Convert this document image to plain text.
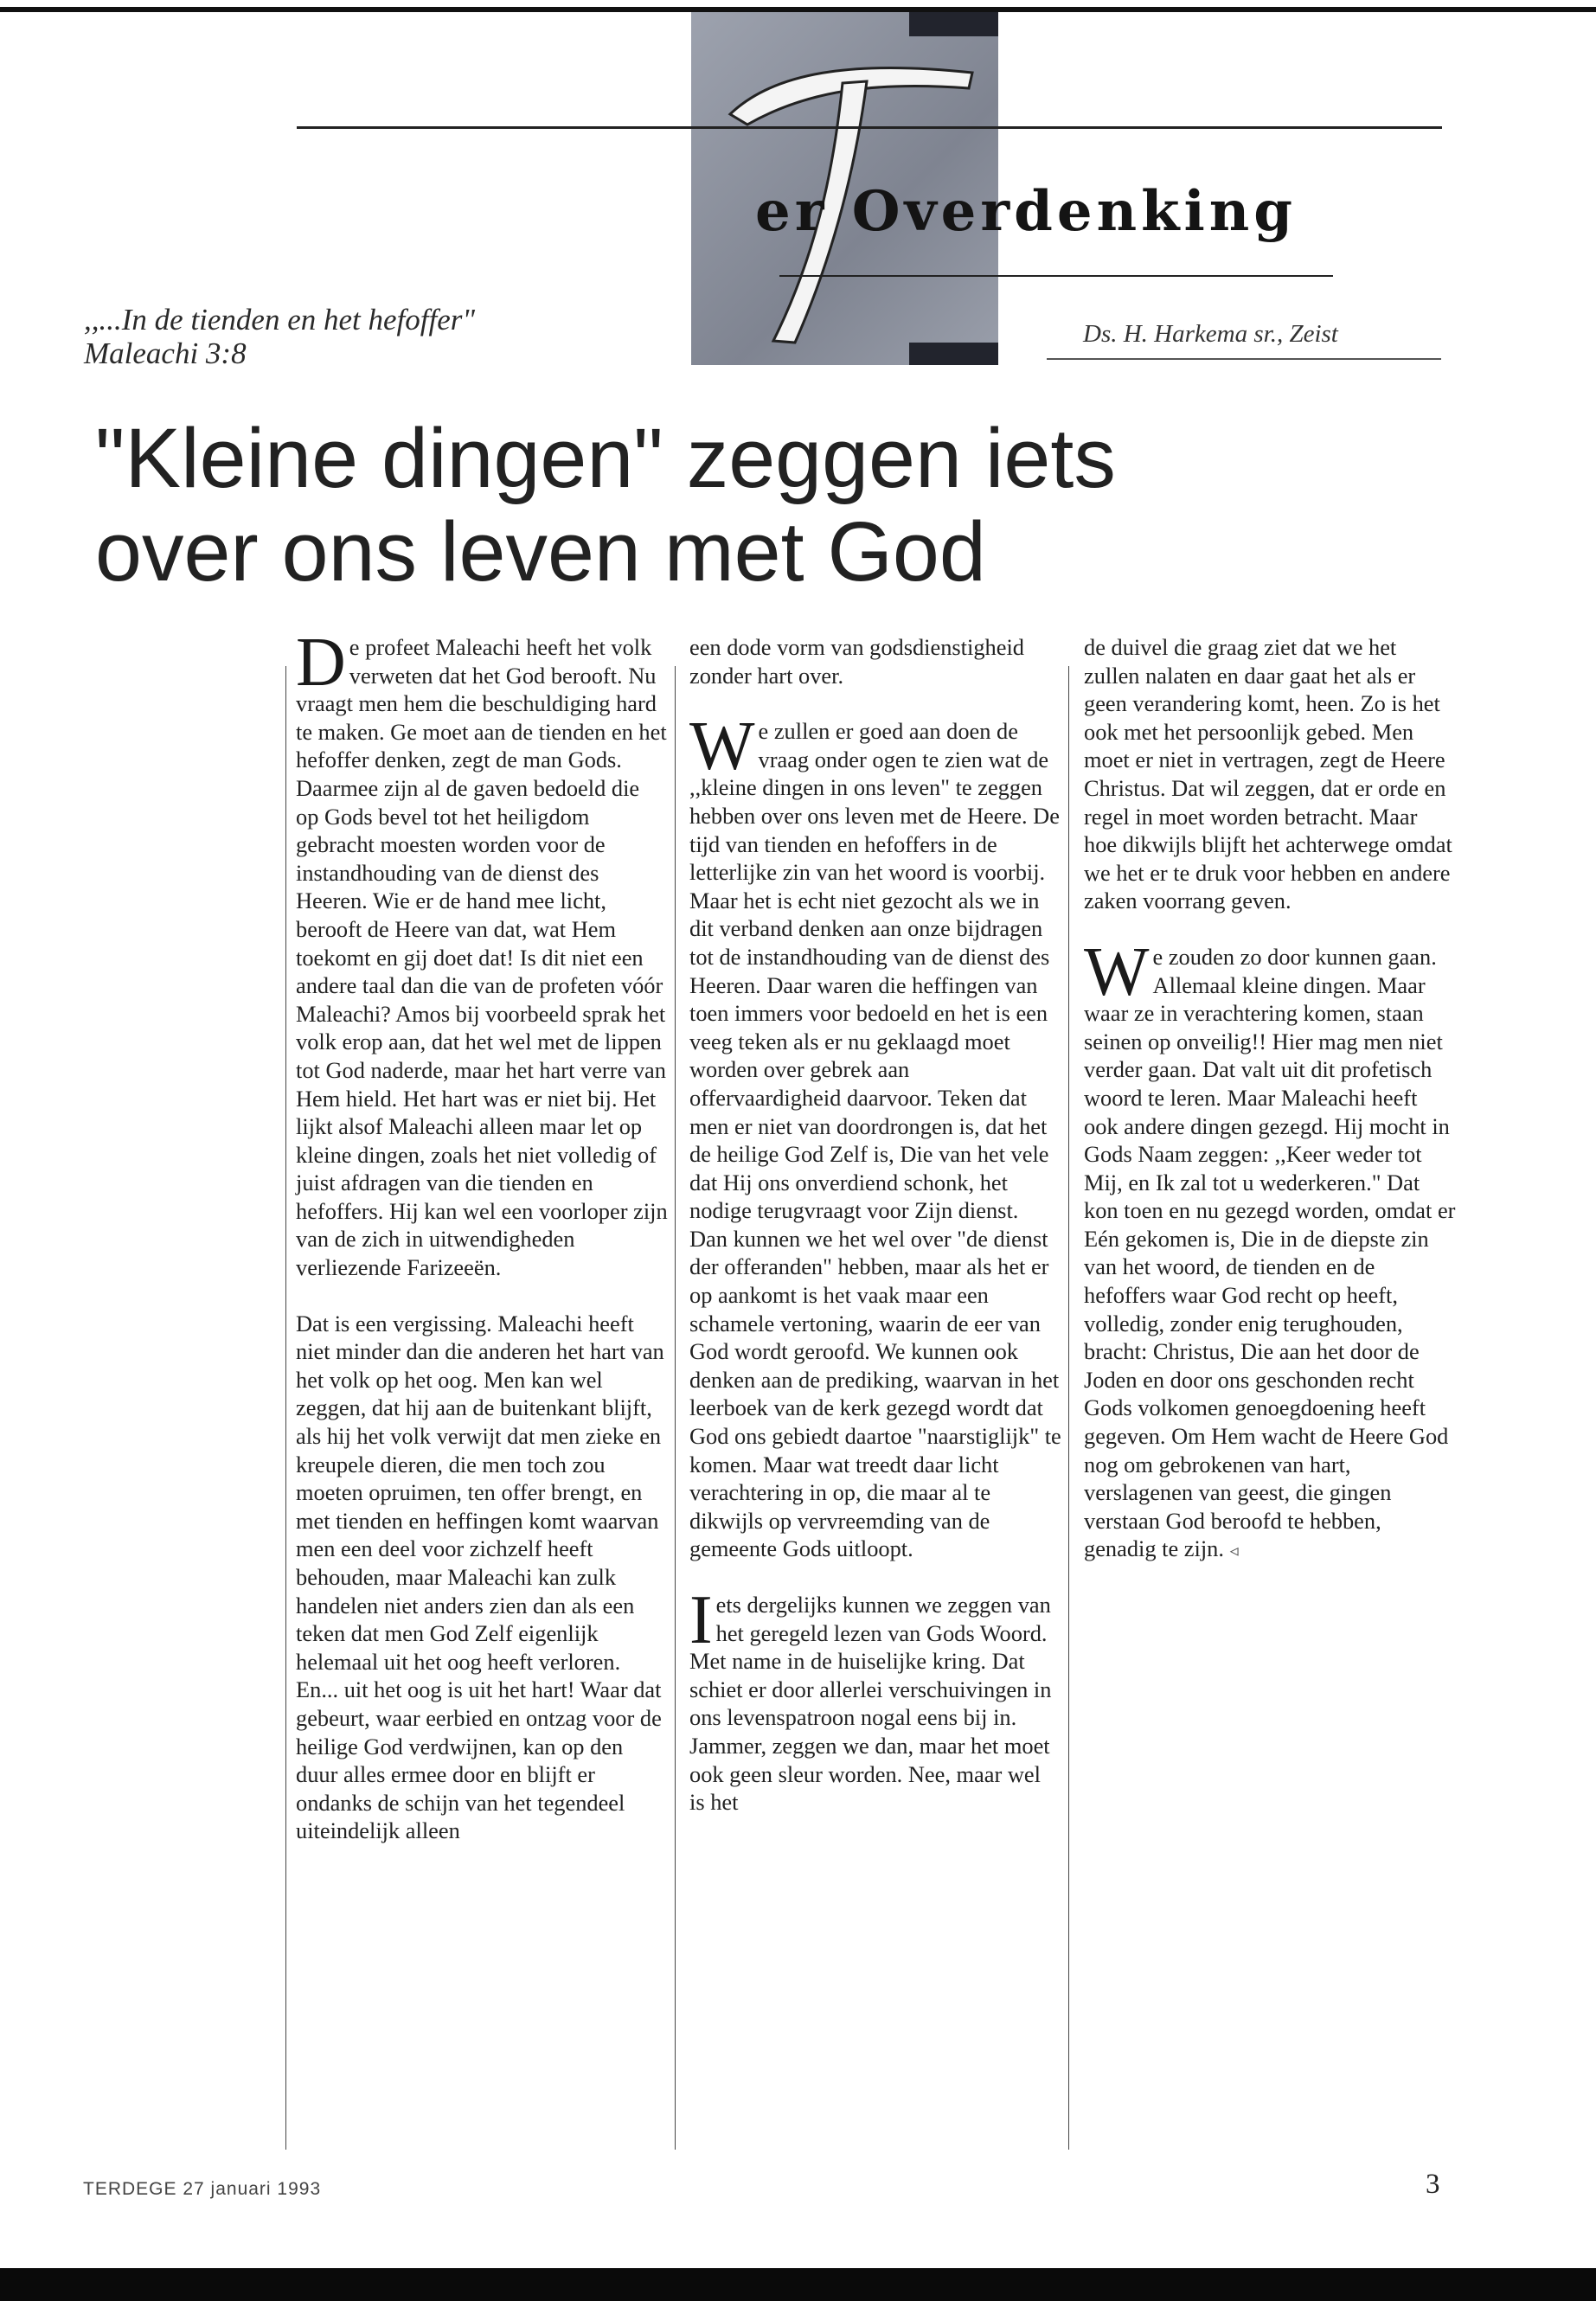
er Overdenking
,,...In de tienden en het hefoffer"
Maleachi 3:8
Ds. H. Harkema sr., Zeist
"Kleine dingen" zeggen iets
over ons leven met God

De profeet Maleachi heeft het volk verweten dat het God berooft. Nu vraagt men hem die beschuldiging hard te maken. Ge moet aan de tienden en het hefoffer denken, zegt de man Gods. Daarmee zijn al de gaven bedoeld die op Gods bevel tot het heiligdom gebracht moesten worden voor de instandhouding van de dienst des Heeren. Wie er de hand mee licht, berooft de Heere van dat, wat Hem toekomt en gij doet dat! Is dit niet een andere taal dan die van de profeten vóór Maleachi? Amos bij voorbeeld sprak het volk erop aan, dat het wel met de lippen tot God naderde, maar het hart verre van Hem hield. Het hart was er niet bij. Het lijkt alsof Maleachi alleen maar let op kleine dingen, zoals het niet volledig of juist afdragen van die tienden en hefoffers. Hij kan wel een voorloper zijn van de zich in uitwendigheden verliezende Farizeeën.

Dat is een vergissing. Maleachi heeft niet minder dan die anderen het hart van het volk op het oog. Men kan wel zeggen, dat hij aan de buitenkant blijft, als hij het volk verwijt dat men zieke en kreupele dieren, die men toch zou moeten opruimen, ten offer brengt, en met tienden en heffingen komt waarvan men een deel voor zichzelf heeft behouden, maar Maleachi kan zulk handelen niet anders zien dan als een teken dat men God Zelf eigenlijk helemaal uit het oog heeft verloren. En... uit het oog is uit het hart! Waar dat gebeurt, waar eerbied en ontzag voor de heilige God verdwijnen, kan op den duur alles ermee door en blijft er ondanks de schijn van het tegendeel uiteindelijk alleen

een dode vorm van godsdienstigheid zonder hart over.

We zullen er goed aan doen de vraag onder ogen te zien wat de ,,kleine dingen in ons leven" te zeggen hebben over ons leven met de Heere. De tijd van tienden en hefoffers in de letterlijke zin van het woord is voorbij. Maar het is echt niet gezocht als we in dit verband denken aan onze bijdragen tot de instandhouding van de dienst des Heeren. Daar waren die heffingen van toen immers voor bedoeld en het is een veeg teken als er nu geklaagd moet worden over gebrek aan offervaardigheid daarvoor. Teken dat men er niet van doordrongen is, dat het de heilige God Zelf is, Die van het vele dat Hij ons onverdiend schonk, het nodige terugvraagt voor Zijn dienst. Dan kunnen we het wel over "de dienst der offeranden" hebben, maar als het er op aankomt is het vaak maar een schamele vertoning, waarin de eer van God wordt geroofd. We kunnen ook denken aan de prediking, waarvan in het leerboek van de kerk gezegd wordt dat God ons gebiedt daartoe "naarstiglijk" te komen. Maar wat treedt daar licht verachtering in op, die maar al te dikwijls op vervreemding van de gemeente Gods uitloopt.

Iets dergelijks kunnen we zeggen van het geregeld lezen van Gods Woord. Met name in de huiselijke kring. Dat schiet er door allerlei verschuivingen in ons levenspatroon nogal eens bij in. Jammer, zeggen we dan, maar het moet ook geen sleur worden. Nee, maar wel is het

de duivel die graag ziet dat we het zullen nalaten en daar gaat het als er geen verandering komt, heen. Zo is het ook met het persoonlijk gebed. Men moet er niet in vertragen, zegt de Heere Christus. Dat wil zeggen, dat er orde en regel in moet worden betracht. Maar hoe dikwijls blijft het achterwege omdat we het er te druk voor hebben en andere zaken voorrang geven.

We zouden zo door kunnen gaan. Allemaal kleine dingen. Maar waar ze in verachtering komen, staan seinen op onveilig!! Hier mag men niet verder gaan. Dat valt uit dit profetisch woord te leren. Maar Maleachi heeft ook andere dingen gezegd. Hij mocht in Gods Naam zeggen: ,,Keer weder tot Mij, en Ik zal tot u wederkeren." Dat kon toen en nu gezegd worden, omdat er Eén gekomen is, Die in de diepste zin van het woord, de tienden en de hefoffers waar God recht op heeft, volledig, zonder enig terughouden, bracht: Christus, Die aan het door de Joden en door ons geschonden recht Gods volkomen genoegdoening heeft gegeven. Om Hem wacht de Heere God nog om gebrokenen van hart, verslagenen van geest, die gingen verstaan God beroofd te hebben, genadig te zijn. ◃

TERDEGE 27 januari 1993	3
